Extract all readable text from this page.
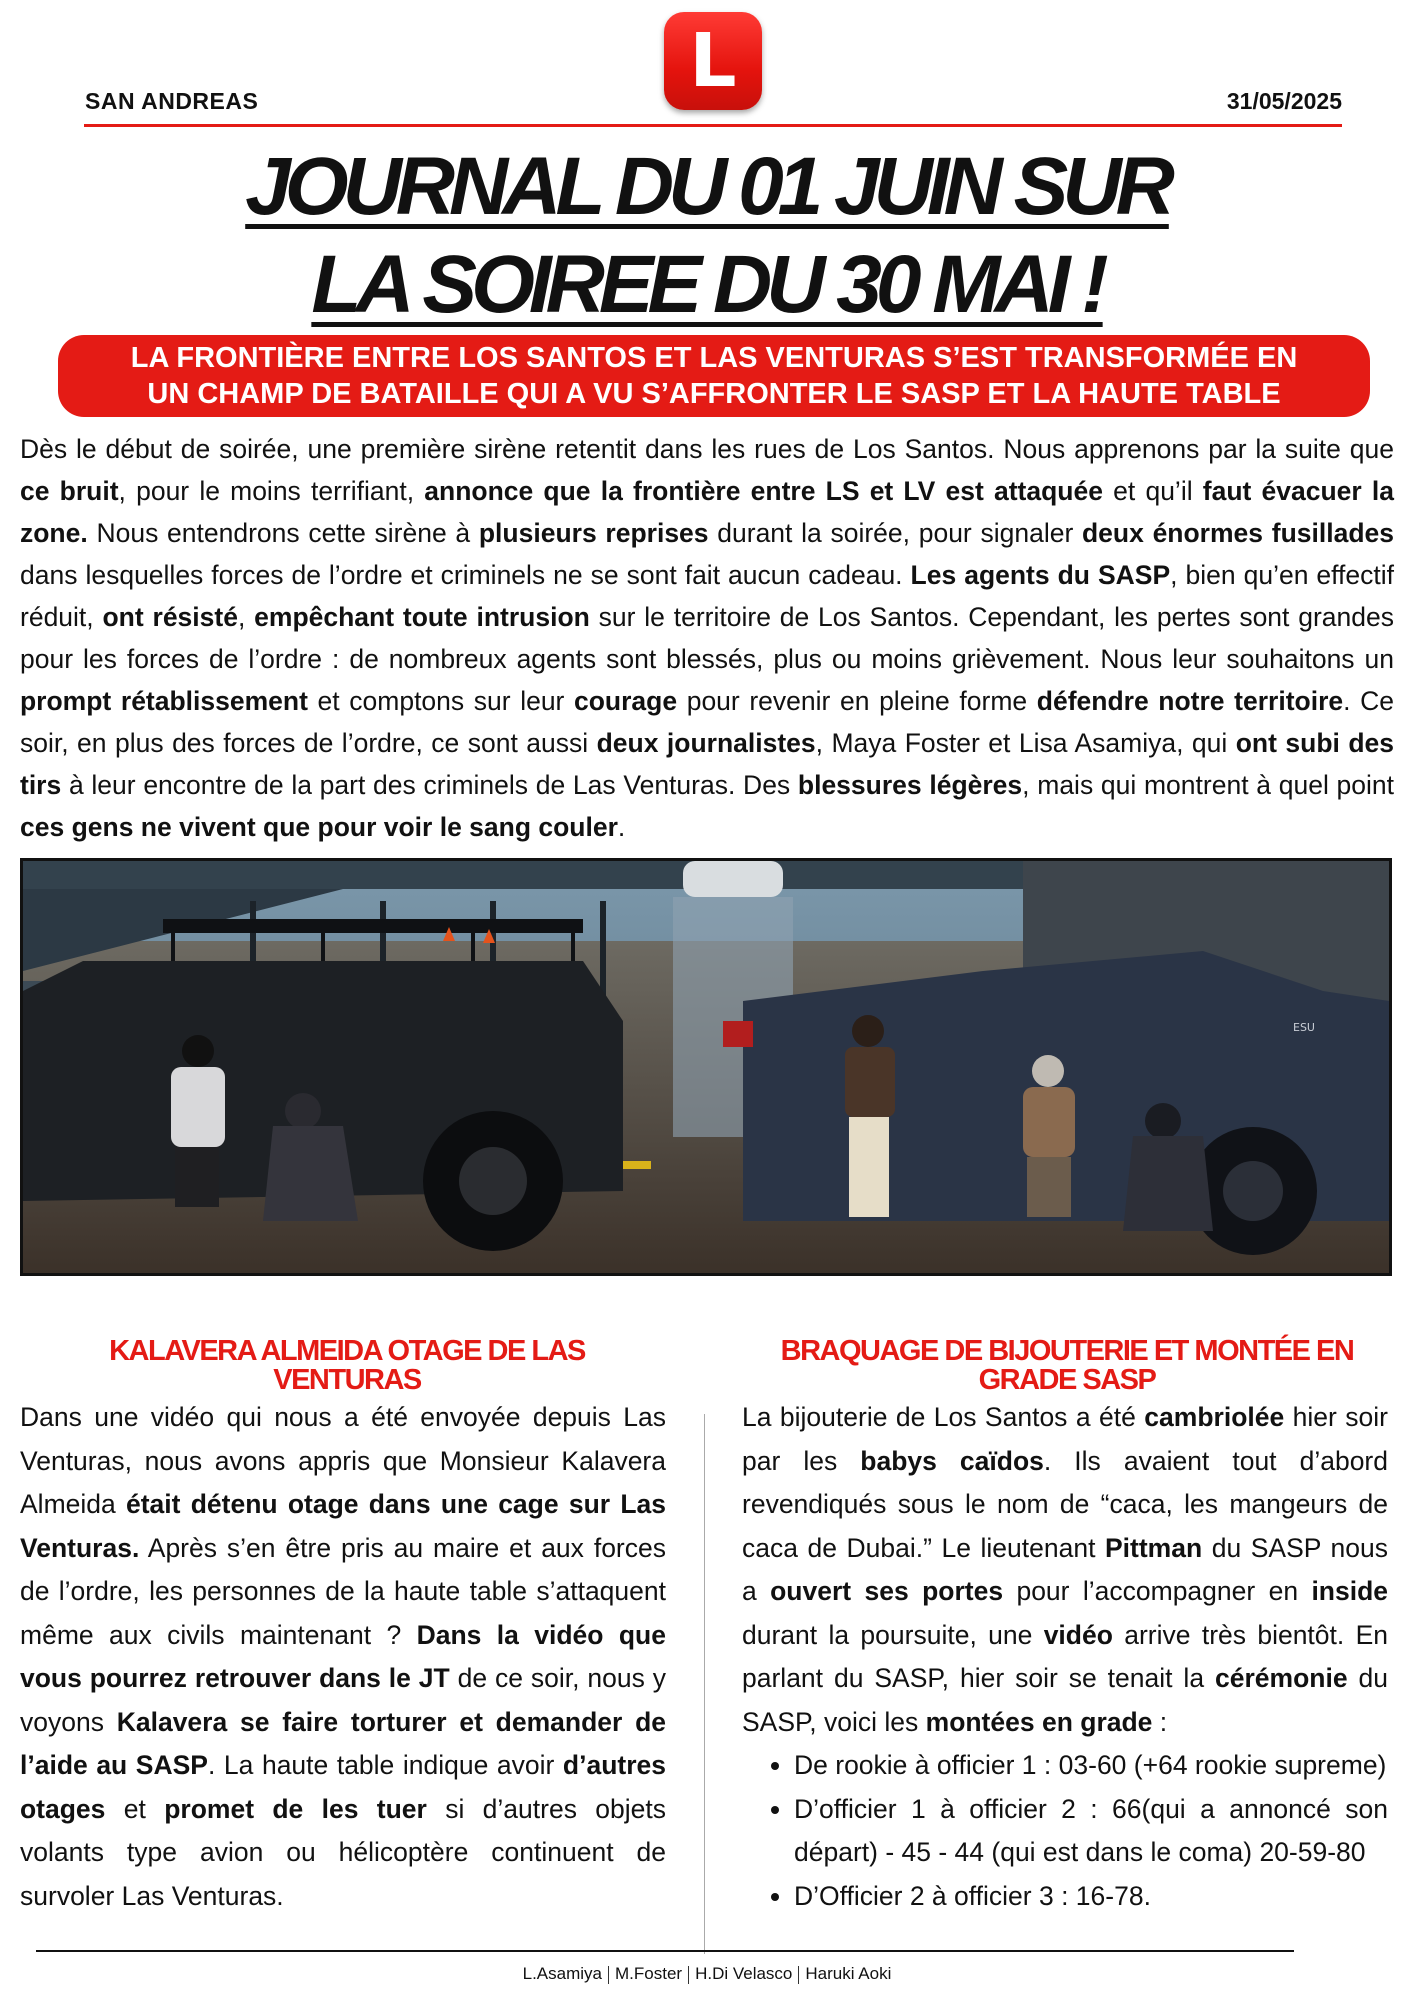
L
SAN ANDREAS	31/05/2025
JOURNAL DU 01 JUIN SUR
LA SOIREE DU 30 MAI !
LA FRONTIÈRE ENTRE LOS SANTOS ET LAS VENTURAS S’EST TRANSFORMÉE EN
UN CHAMP DE BATAILLE QUI A VU S’AFFRONTER LE SASP ET LA HAUTE TABLE
Dès le début de soirée, une première sirène retentit dans les rues de Los Santos. Nous apprenons par la suite que ce bruit, pour le moins terrifiant, annonce que la frontière entre LS et LV est attaquée et qu’il faut évacuer la zone. Nous entendrons cette sirène à plusieurs reprises durant la soirée, pour signaler deux énormes fusillades dans lesquelles forces de l’ordre et criminels ne se sont fait aucun cadeau. Les agents du SASP, bien qu’en effectif réduit, ont résisté, empêchant toute intrusion sur le territoire de Los Santos. Cependant, les pertes sont grandes pour les forces de l’ordre : de nombreux agents sont blessés, plus ou moins grièvement. Nous leur souhaitons un prompt rétablissement et comptons sur leur courage pour revenir en pleine forme défendre notre territoire. Ce soir, en plus des forces de l’ordre, ce sont aussi deux journalistes, Maya Foster et Lisa Asamiya, qui ont subi des tirs à leur encontre de la part des criminels de Las Venturas. Des blessures légères, mais qui montrent à quel point ces gens ne vivent que pour voir le sang couler.
ESU
KALAVERA ALMEIDA OTAGE DE LAS
VENTURAS
Dans une vidéo qui nous a été envoyée depuis Las Venturas, nous avons appris que Monsieur Kalavera Almeida était détenu otage dans une cage sur Las Venturas. Après s’en être pris au maire et aux forces de l’ordre, les personnes de la haute table s’attaquent même aux civils maintenant ? Dans la vidéo que vous pourrez retrouver dans le JT de ce soir, nous y voyons Kalavera se faire torturer et demander de l’aide au SASP. La haute table indique avoir d’autres otages et promet de les tuer si d’autres objets volants type avion ou hélicoptère continuent de survoler Las Venturas.
BRAQUAGE DE BIJOUTERIE ET MONTÉE EN
GRADE SASP
La bijouterie de Los Santos a été cambriolée hier soir par les babys caïdos. Ils avaient tout d’abord revendiqués sous le nom de “caca, les mangeurs de caca de Dubai.” Le lieutenant Pittman du SASP nous a ouvert ses portes pour l’accompagner en inside durant la poursuite, une vidéo arrive très bientôt. En parlant du SASP, hier soir se tenait la cérémonie du SASP, voici les montées en grade :
• De rookie à officier 1 : 03-60 (+64 rookie supreme)
• D’officier 1 à officier 2 : 66(qui a annoncé son départ) - 45 - 44 (qui est dans le coma) 20-59-80
• D’Officier 2 à officier 3 : 16-78.
L.Asamiya M.Foster H.Di Velasco Haruki Aoki
